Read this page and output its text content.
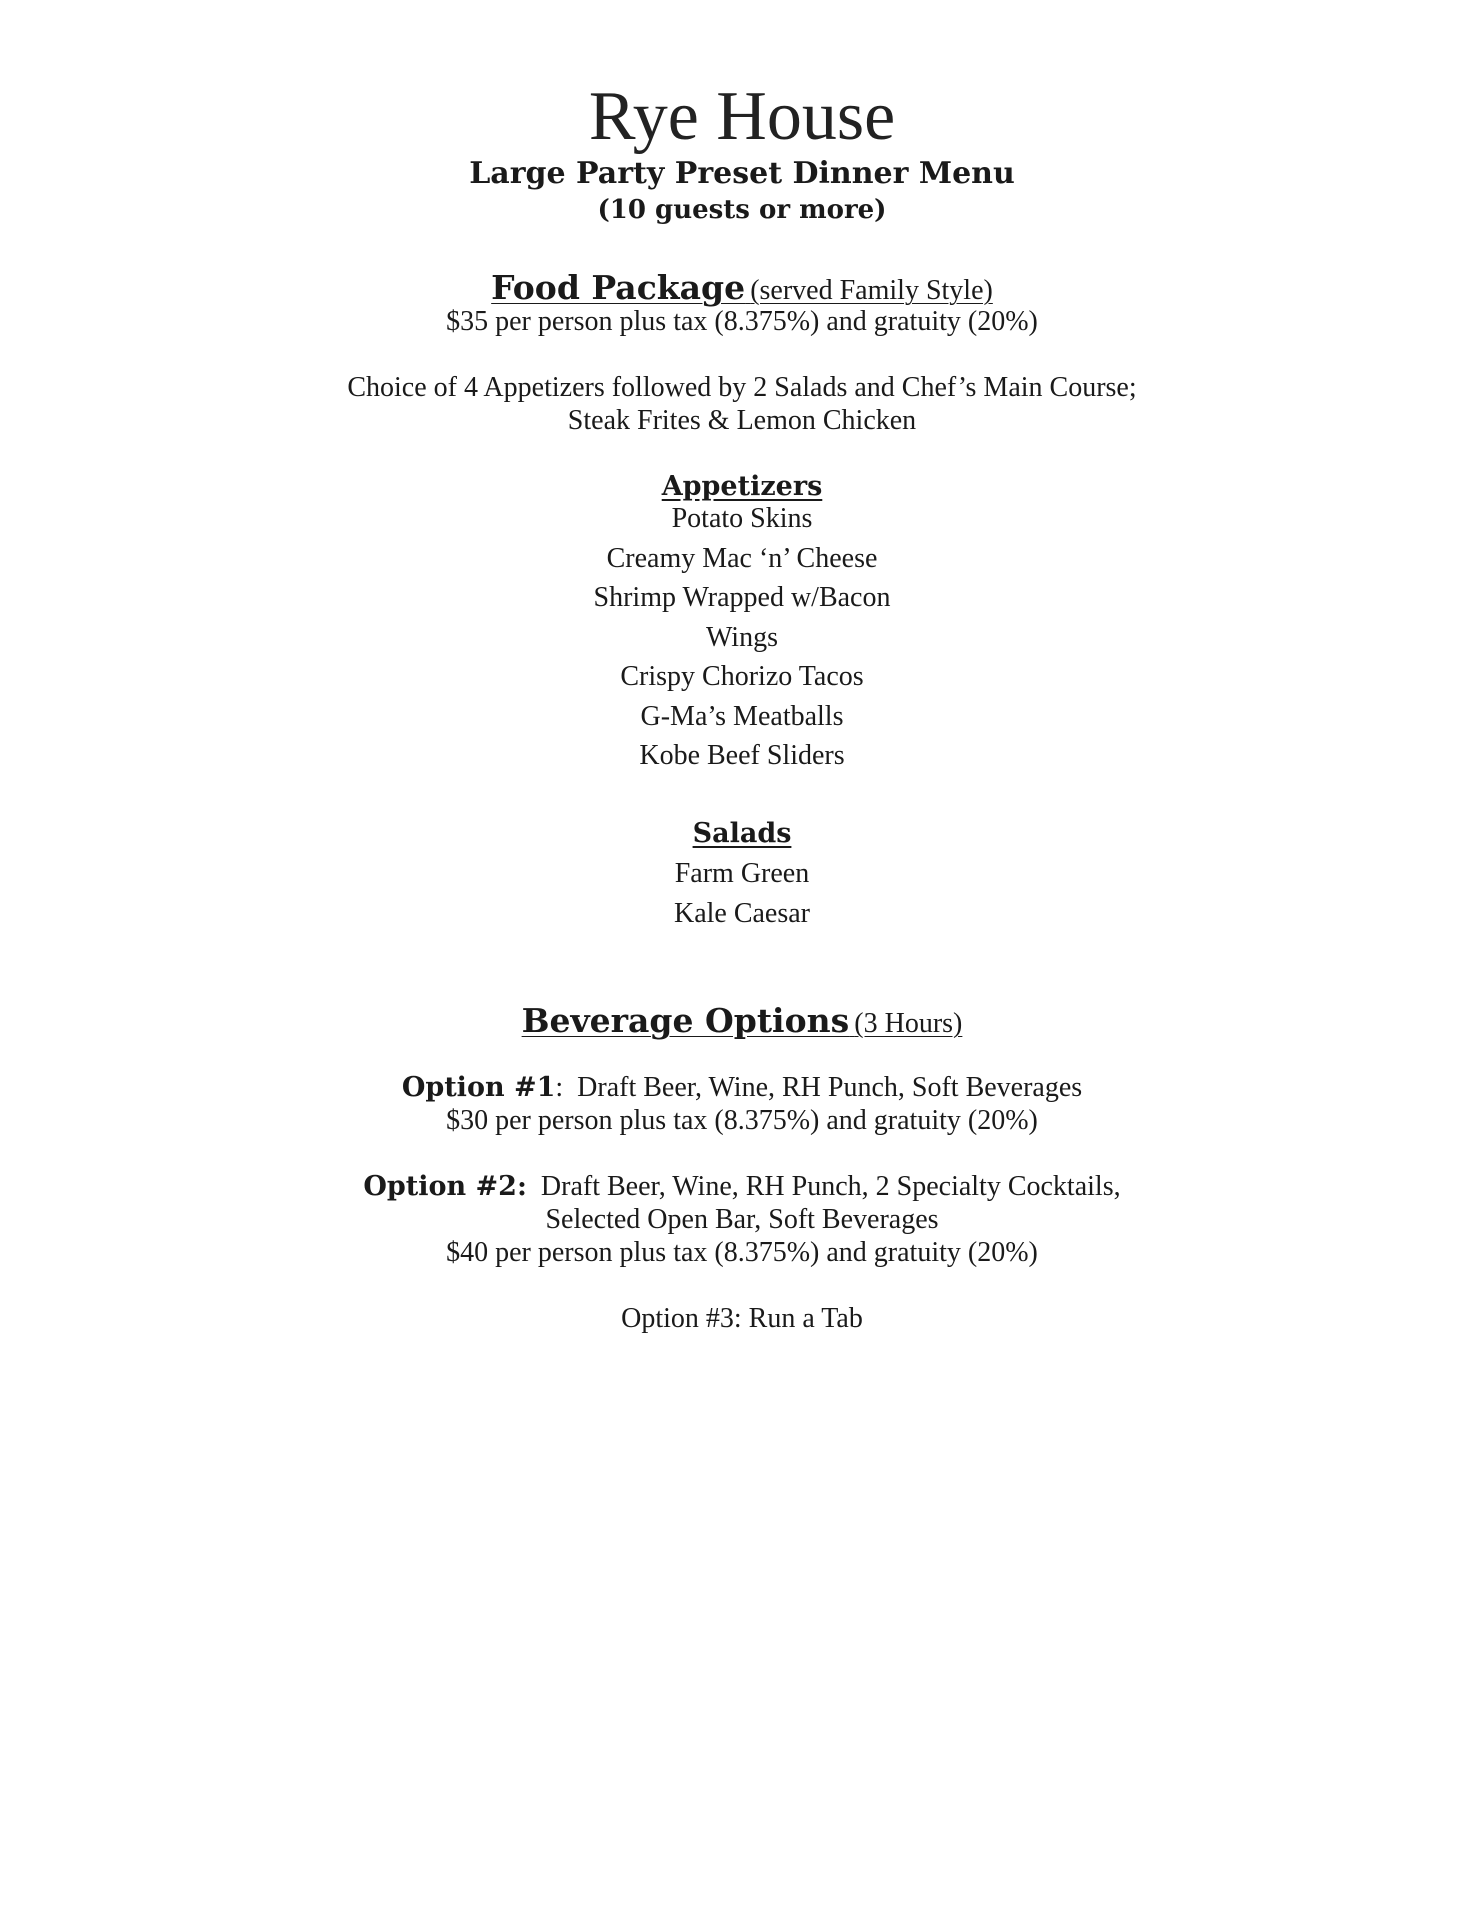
Rye House
Large Party Preset Dinner Menu
(10 guests or more)
Food Package (served Family Style)
$35 per person plus tax (8.375%) and gratuity (20%)
Choice of 4 Appetizers followed by 2 Salads and Chef’s Main Course;
Steak Frites & Lemon Chicken
Appetizers
Potato Skins
Creamy Mac ‘n’ Cheese
Shrimp Wrapped w/Bacon
Wings
Crispy Chorizo Tacos
G-Ma’s Meatballs
Kobe Beef Sliders
Salads
Farm Green
Kale Caesar
Beverage Options (3 Hours)
Option #1: Draft Beer, Wine, RH Punch, Soft Beverages
$30 per person plus tax (8.375%) and gratuity (20%)
Option #2: Draft Beer, Wine, RH Punch, 2 Specialty Cocktails,
Selected Open Bar, Soft Beverages
$40 per person plus tax (8.375%) and gratuity (20%)
Option #3: Run a Tab
